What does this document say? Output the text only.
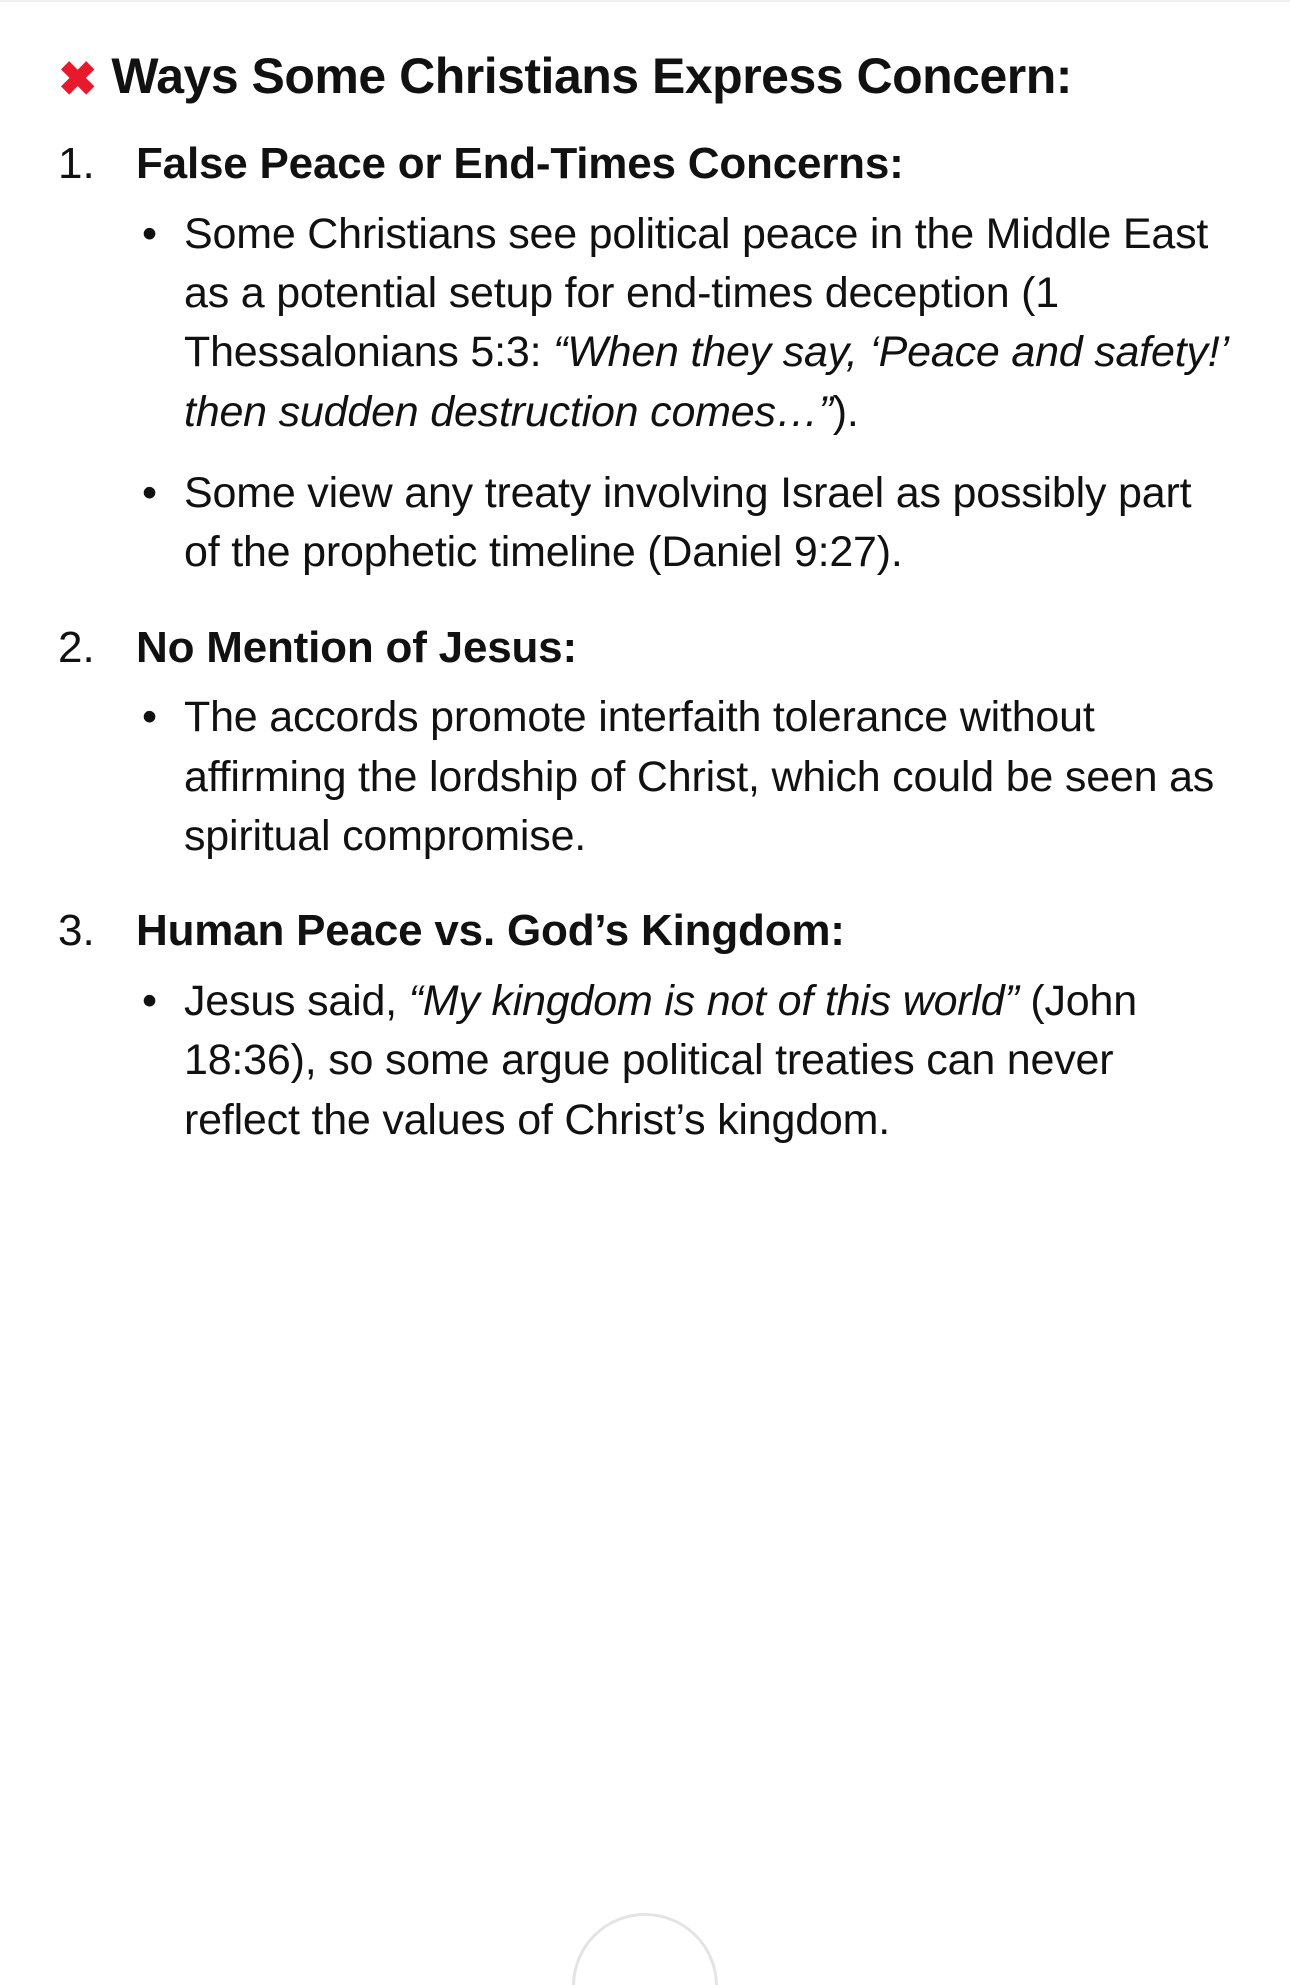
✖ Ways Some Christians Express Concern:
1. False Peace or End-Times Concerns:
• Some Christians see political peace in the Middle East as a potential setup for end-times deception (1 Thessalonians 5:3: “When they say, ‘Peace and safety!’ then sudden destruction comes…”).
• Some view any treaty involving Israel as possibly part of the prophetic timeline (Daniel 9:27).
2. No Mention of Jesus:
• The accords promote interfaith tolerance without affirming the lordship of Christ, which could be seen as spiritual compromise.
3. Human Peace vs. God’s Kingdom:
• Jesus said, “My kingdom is not of this world” (John 18:36), so some argue political treaties can never reflect the values of Christ’s kingdom.
